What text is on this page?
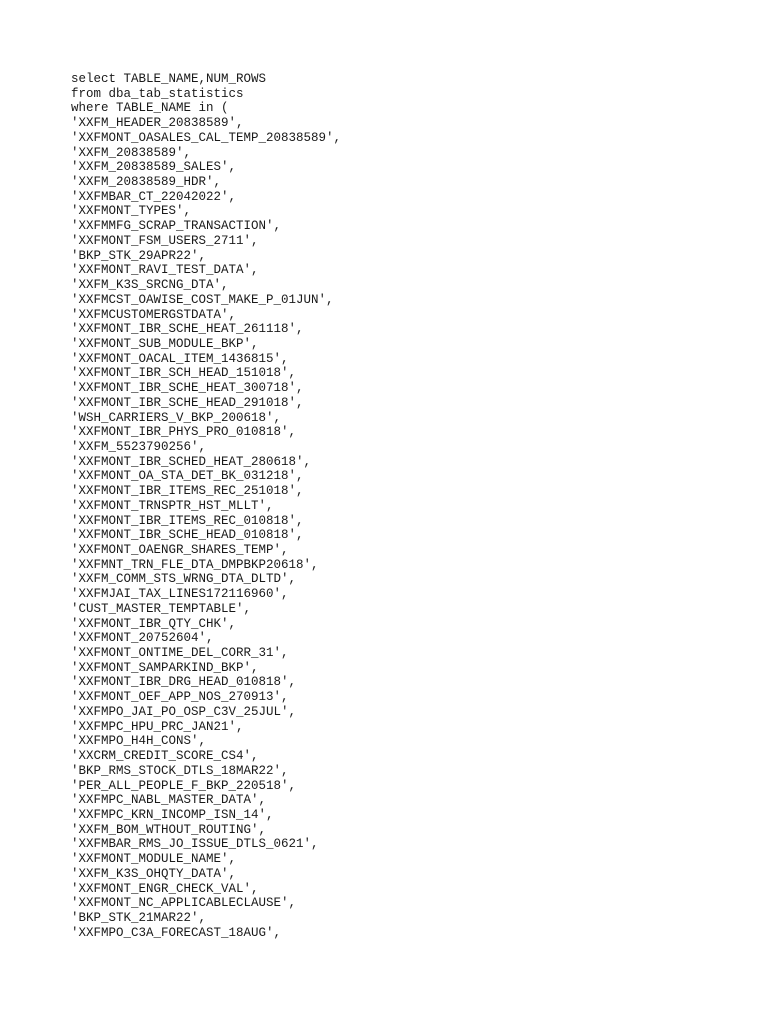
select TABLE_NAME,NUM_ROWS
from dba_tab_statistics
where TABLE_NAME in (
'XXFM_HEADER_20838589',
'XXFMONT_OASALES_CAL_TEMP_20838589',
'XXFM_20838589',
'XXFM_20838589_SALES',
'XXFM_20838589_HDR',
'XXFMBAR_CT_22042022',
'XXFMONT_TYPES',
'XXFMMFG_SCRAP_TRANSACTION',
'XXFMONT_FSM_USERS_2711',
'BKP_STK_29APR22',
'XXFMONT_RAVI_TEST_DATA',
'XXFM_K3S_SRCNG_DTA',
'XXFMCST_OAWISE_COST_MAKE_P_01JUN',
'XXFMCUSTOMERGSTDATA',
'XXFMONT_IBR_SCHE_HEAT_261118',
'XXFMONT_SUB_MODULE_BKP',
'XXFMONT_OACAL_ITEM_1436815',
'XXFMONT_IBR_SCH_HEAD_151018',
'XXFMONT_IBR_SCHE_HEAT_300718',
'XXFMONT_IBR_SCHE_HEAD_291018',
'WSH_CARRIERS_V_BKP_200618',
'XXFMONT_IBR_PHYS_PRO_010818',
'XXFM_5523790256',
'XXFMONT_IBR_SCHED_HEAT_280618',
'XXFMONT_OA_STA_DET_BK_031218',
'XXFMONT_IBR_ITEMS_REC_251018',
'XXFMONT_TRNSPTR_HST_MLLT',
'XXFMONT_IBR_ITEMS_REC_010818',
'XXFMONT_IBR_SCHE_HEAD_010818',
'XXFMONT_OAENGR_SHARES_TEMP',
'XXFMNT_TRN_FLE_DTA_DMPBKP20618',
'XXFM_COMM_STS_WRNG_DTA_DLTD',
'XXFMJAI_TAX_LINES172116960',
'CUST_MASTER_TEMPTABLE',
'XXFMONT_IBR_QTY_CHK',
'XXFMONT_20752604',
'XXFMONT_ONTIME_DEL_CORR_31',
'XXFMONT_SAMPARKIND_BKP',
'XXFMONT_IBR_DRG_HEAD_010818',
'XXFMONT_OEF_APP_NOS_270913',
'XXFMPO_JAI_PO_OSP_C3V_25JUL',
'XXFMPC_HPU_PRC_JAN21',
'XXFMPO_H4H_CONS',
'XXCRM_CREDIT_SCORE_CS4',
'BKP_RMS_STOCK_DTLS_18MAR22',
'PER_ALL_PEOPLE_F_BKP_220518',
'XXFMPC_NABL_MASTER_DATA',
'XXFMPC_KRN_INCOMP_ISN_14',
'XXFM_BOM_WTHOUT_ROUTING',
'XXFMBAR_RMS_JO_ISSUE_DTLS_0621',
'XXFMONT_MODULE_NAME',
'XXFM_K3S_OHQTY_DATA',
'XXFMONT_ENGR_CHECK_VAL',
'XXFMONT_NC_APPLICABLECLAUSE',
'BKP_STK_21MAR22',
'XXFMPO_C3A_FORECAST_18AUG',
